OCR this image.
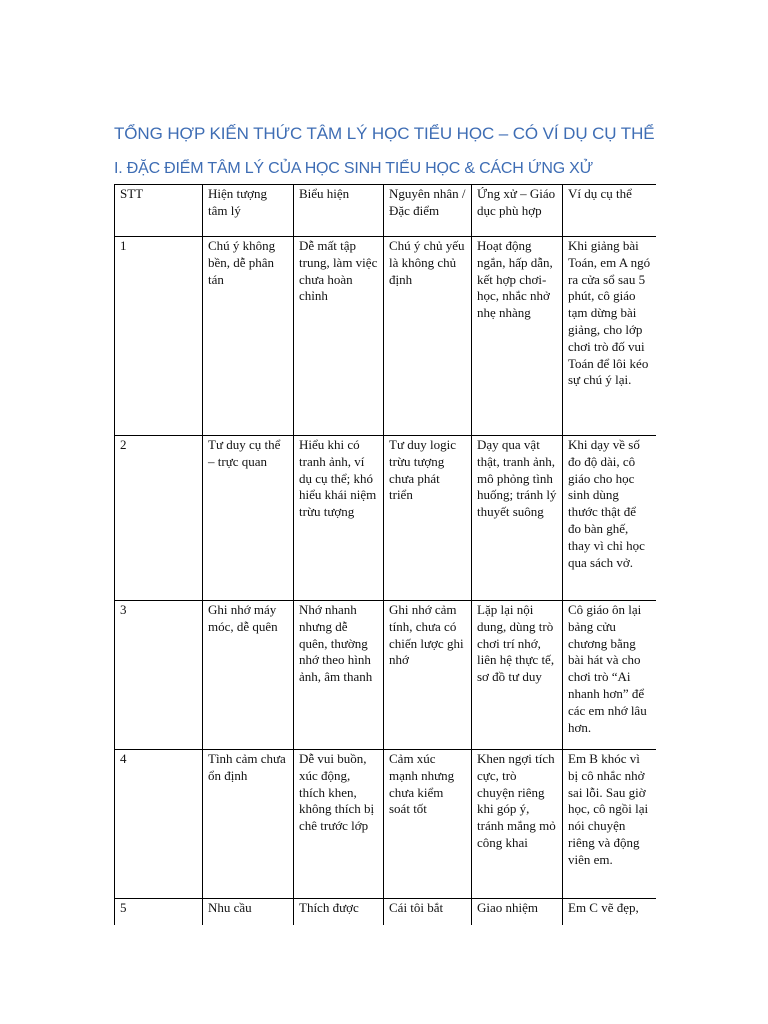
TỔNG HỢP KIẾN THỨC TÂM LÝ HỌC TIỂU HỌC – CÓ VÍ DỤ CỤ THỂ
I. ĐẶC ĐIỂM TÂM LÝ CỦA HỌC SINH TIỂU HỌC & CÁCH ỨNG XỬ
STT	Hiện tượng tâm lý	Biểu hiện	Nguyên nhân / Đặc điểm	Ứng xử – Giáo dục phù hợp	Ví dụ cụ thể
1	Chú ý không bền, dễ phân tán	Dễ mất tập trung, làm việc chưa hoàn chỉnh	Chú ý chủ yếu là không chủ định	Hoạt động ngắn, hấp dẫn, kết hợp chơi-học, nhắc nhở nhẹ nhàng	Khi giảng bài Toán, em A ngó ra cửa sổ sau 5 phút, cô giáo tạm dừng bài giảng, cho lớp chơi trò đố vui Toán để lôi kéo sự chú ý lại.
2	Tư duy cụ thể – trực quan	Hiểu khi có tranh ảnh, ví dụ cụ thể; khó hiểu khái niệm trừu tượng	Tư duy logic trừu tượng chưa phát triển	Dạy qua vật thật, tranh ảnh, mô phỏng tình huống; tránh lý thuyết suông	Khi dạy về số đo độ dài, cô giáo cho học sinh dùng thước thật để đo bàn ghế, thay vì chỉ học qua sách vở.
3	Ghi nhớ máy móc, dễ quên	Nhớ nhanh nhưng dễ quên, thường nhớ theo hình ảnh, âm thanh	Ghi nhớ cảm tính, chưa có chiến lược ghi nhớ	Lặp lại nội dung, dùng trò chơi trí nhớ, liên hệ thực tế, sơ đồ tư duy	Cô giáo ôn lại bảng cửu chương bằng bài hát và cho chơi trò “Ai nhanh hơn” để các em nhớ lâu hơn.
4	Tình cảm chưa ổn định	Dễ vui buồn, xúc động, thích khen, không thích bị chê trước lớp	Cảm xúc mạnh nhưng chưa kiểm soát tốt	Khen ngợi tích cực, trò chuyện riêng khi góp ý, tránh mắng mỏ công khai	Em B khóc vì bị cô nhắc nhở sai lỗi. Sau giờ học, cô ngồi lại nói chuyện riêng và động viên em.
5	Nhu cầu	Thích được	Cái tôi bắt	Giao nhiệm	Em C vẽ đẹp,
